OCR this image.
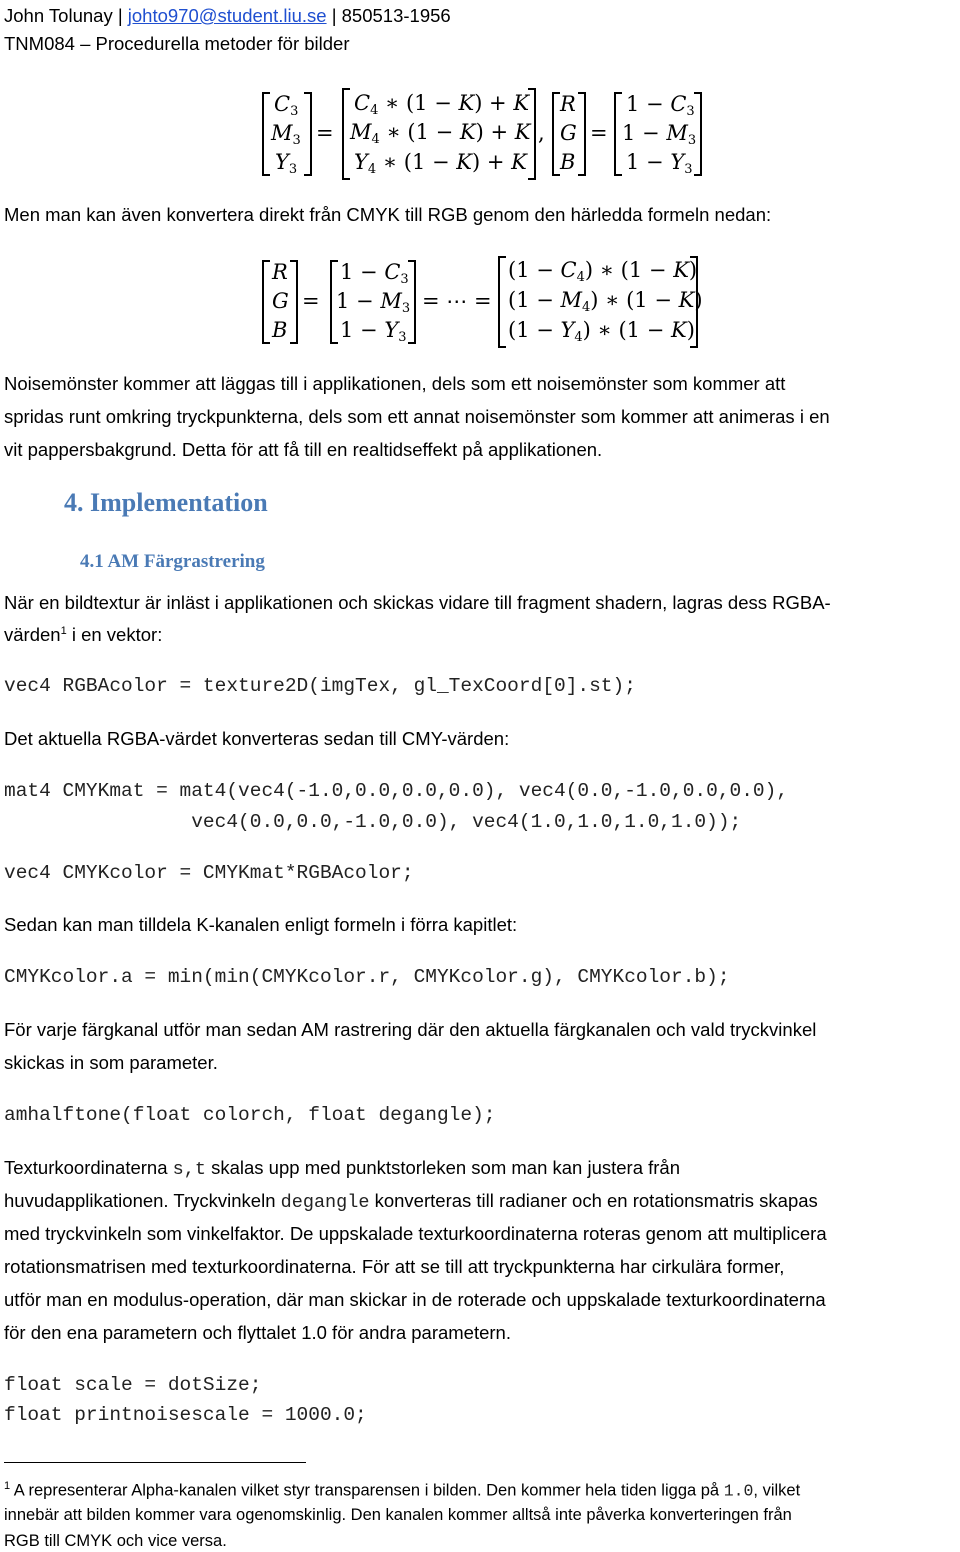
John Tolunay | johto970@student.liu.se | 850513-1956
TNM084 – Procedurella metoder för bilder
$C_3$
$M_3$
$Y_3$
=
$C_4$ ∗ (1 − K) + K
$M_4$ ∗ (1 − K) + K
$Y_4$ ∗ (1 − K) + K
,
R
G
B
=
$1 - C_3$
$1 - M_3$
$1 - Y_3$
Men man kan även konvertera direkt från CMYK till RGB genom den härledda formeln nedan:
R
G
B
=
$1 - C_3$
$1 - M_3$
$1 - Y_3$
= ⋯ =
$(1 - C_4)$ ∗ (1 − K)
$(1 - M_4)$ ∗ (1 − K)
$(1 - Y_4)$ ∗ (1 − K)
Noisemönster kommer att läggas till i applikationen, dels som ett noisemönster som kommer att
spridas runt omkring tryckpunkterna, dels som ett annat noisemönster som kommer att animeras i en
vit pappersbakgrund. Detta för att få till en realtidseffekt på applikationen.
4. Implementation
4.1 AM Färgrastrering
När en bildtextur är inläst i applikationen och skickas vidare till fragment shadern, lagras dess RGBA-
värden$^1$ i en vektor:
vec4 RGBAcolor = texture2D(imgTex, gl_TexCoord[0].st);
Det aktuella RGBA-värdet konverteras sedan till CMY-värden:
mat4 CMYKmat = mat4(vec4(-1.0,0.0,0.0,0.0), vec4(0.0,-1.0,0.0,0.0),
vec4(0.0,0.0,-1.0,0.0), vec4(1.0,1.0,1.0,1.0));
vec4 CMYKcolor = CMYKmat*RGBAcolor;
Sedan kan man tilldela K-kanalen enligt formeln i förra kapitlet:
CMYKcolor.a = min(min(CMYKcolor.r, CMYKcolor.g), CMYKcolor.b);
För varje färgkanal utför man sedan AM rastrering där den aktuella färgkanalen och vald tryckvinkel
skickas in som parameter.
amhalftone(float colorch, float degangle);
Texturkoordinaterna s,t skalas upp med punktstorleken som man kan justera från
huvudapplikationen. Tryckvinkeln degangle konverteras till radianer och en rotationsmatris skapas
med tryckvinkeln som vinkelfaktor. De uppskalade texturkoordinaterna roteras genom att multiplicera
rotationsmatrisen med texturkoordinaterna. För att se till att tryckpunkterna har cirkulära former,
utför man en modulus-operation, där man skickar in de roterade och uppskalade texturkoordinaterna
för den ena parametern och flyttalet 1.0 för andra parametern.
float scale = dotSize;
float printnoisescale = 1000.0;
$^1$ A representerar Alpha-kanalen vilket styr transparensen i bilden. Den kommer hela tiden ligga på 1.0, vilket
innebär att bilden kommer vara ogenomskinlig. Den kanalen kommer alltså inte påverka konverteringen från
RGB till CMYK och vice versa.
